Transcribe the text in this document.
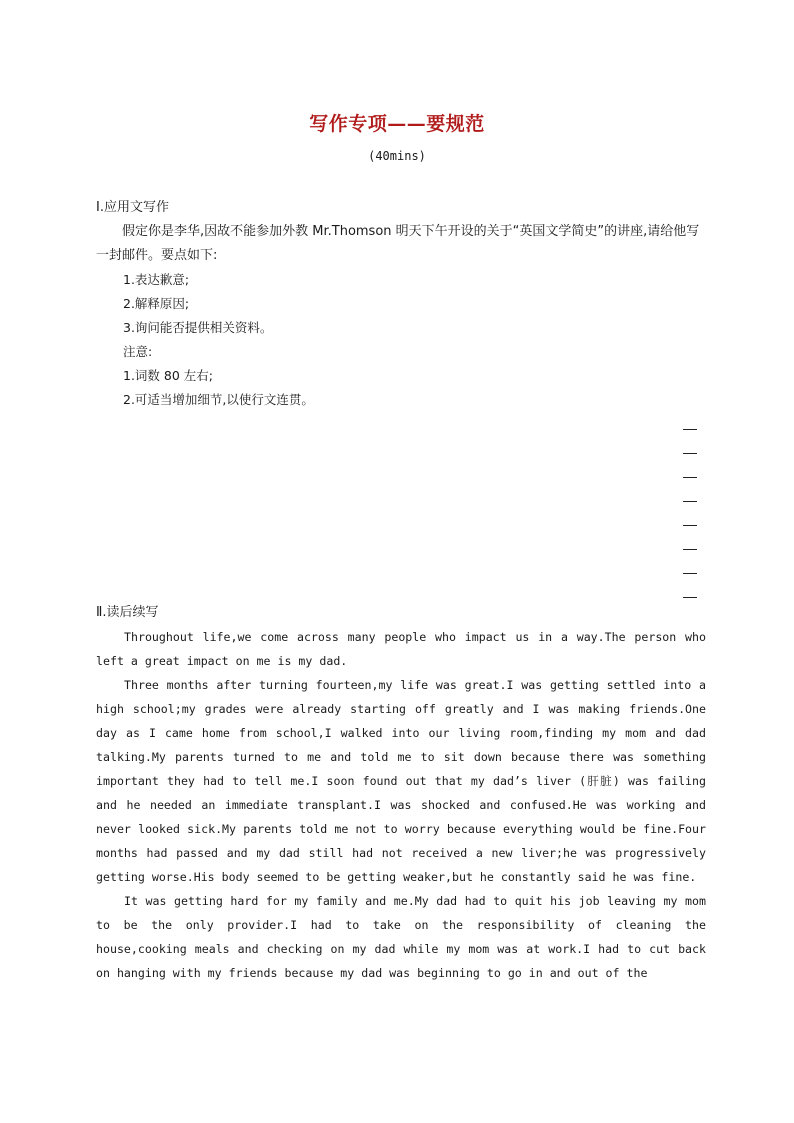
写作专项——要规范
(40mins)
Ⅰ.应用文写作
假定你是李华,因故不能参加外教 Mr.Thomson 明天下午开设的关于“英国文学简史”的讲座,请给他写一封邮件。要点如下:
1.表达歉意;
2.解释原因;
3.询问能否提供相关资料。
注意:
1.词数 80 左右;
2.可适当增加细节,以使行文连贯。
Ⅱ.读后续写
Throughout life,we come across many people who impact us in a way.The person who left a great impact on me is my dad.
Three months after turning fourteen,my life was great.I was getting settled into a high school;my grades were already starting off greatly and I was making friends.One day as I came home from school,I walked into our living room,finding my mom and dad talking.My parents turned to me and told me to sit down because there was something important they had to tell me.I soon found out that my dad’s liver (肝脏) was failing and he needed an immediate transplant.I was shocked and confused.He was working and never looked sick.My parents told me not to worry because everything would be fine.Four months had passed and my dad still had not received a new liver;he was progressively getting worse.His body seemed to be getting weaker,but he constantly said he was fine.
It was getting hard for my family and me.My dad had to quit his job leaving my mom to be the only provider.I had to take on the responsibility of cleaning the house,cooking meals and checking on my dad while my mom was at work.I had to cut back on hanging with my friends because my dad was beginning to go in and out of the
